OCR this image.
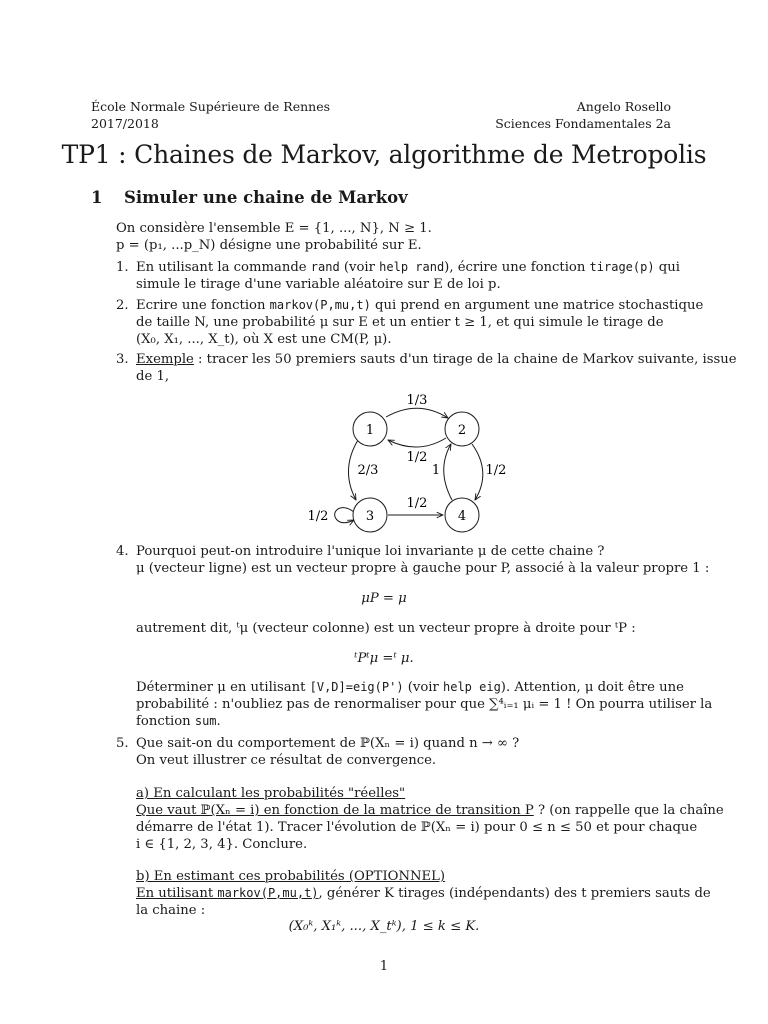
École Normale Supérieure de Rennes
2017/2018
Angelo Rosello
Sciences Fondamentales 2a
TP1 : Chaines de Markov, algorithme de Metropolis
1 Simuler une chaine de Markov
On considère l'ensemble E = {1, ..., N}, N ≥ 1.
p = (p₁, ...p_N) désigne une probabilité sur E.
1. En utilisant la commande rand (voir help rand), écrire une fonction tirage(p) qui
simule le tirage d'une variable aléatoire sur E de loi p.
2. Ecrire une fonction markov(P,mu,t) qui prend en argument une matrice stochastique
de taille N, une probabilité μ sur E et un entier t ≥ 1, et qui simule le tirage de
(X₀, X₁, ..., X_t), où X est une CM(P, μ).
3. Exemple : tracer les 50 premiers sauts d'un tirage de la chaine de Markov suivante, issue
de 1,
1	2
3	4
1/3
1/2
2/3	1	1/2
1/2
1/2
4. Pourquoi peut-on introduire l'unique loi invariante μ de cette chaine ?
μ (vecteur ligne) est un vecteur propre à gauche pour P, associé à la valeur propre 1 :
μP = μ
autrement dit, ᵗμ (vecteur colonne) est un vecteur propre à droite pour ᵗP :
ᵗPᵗμ =ᵗ μ.
Déterminer μ en utilisant [V,D]=eig(P') (voir help eig). Attention, μ doit être une
probabilité : n'oubliez pas de renormaliser pour que ∑⁴ᵢ₌₁ μᵢ = 1 ! On pourra utiliser la
fonction sum.
5. Que sait-on du comportement de ℙ(Xₙ = i) quand n → ∞ ?
On veut illustrer ce résultat de convergence.
a) En calculant les probabilités "réelles"
Que vaut ℙ(Xₙ = i) en fonction de la matrice de transition P ? (on rappelle que la chaîne
démarre de l'état 1). Tracer l'évolution de ℙ(Xₙ = i) pour 0 ≤ n ≤ 50 et pour chaque
i ∈ {1, 2, 3, 4}. Conclure.
b) En estimant ces probabilités (OPTIONNEL)
En utilisant markov(P,mu,t), générer K tirages (indépendants) des t premiers sauts de
la chaine :
(X₀ᵏ, X₁ᵏ, ..., X_tᵏ), 1 ≤ k ≤ K.
1
